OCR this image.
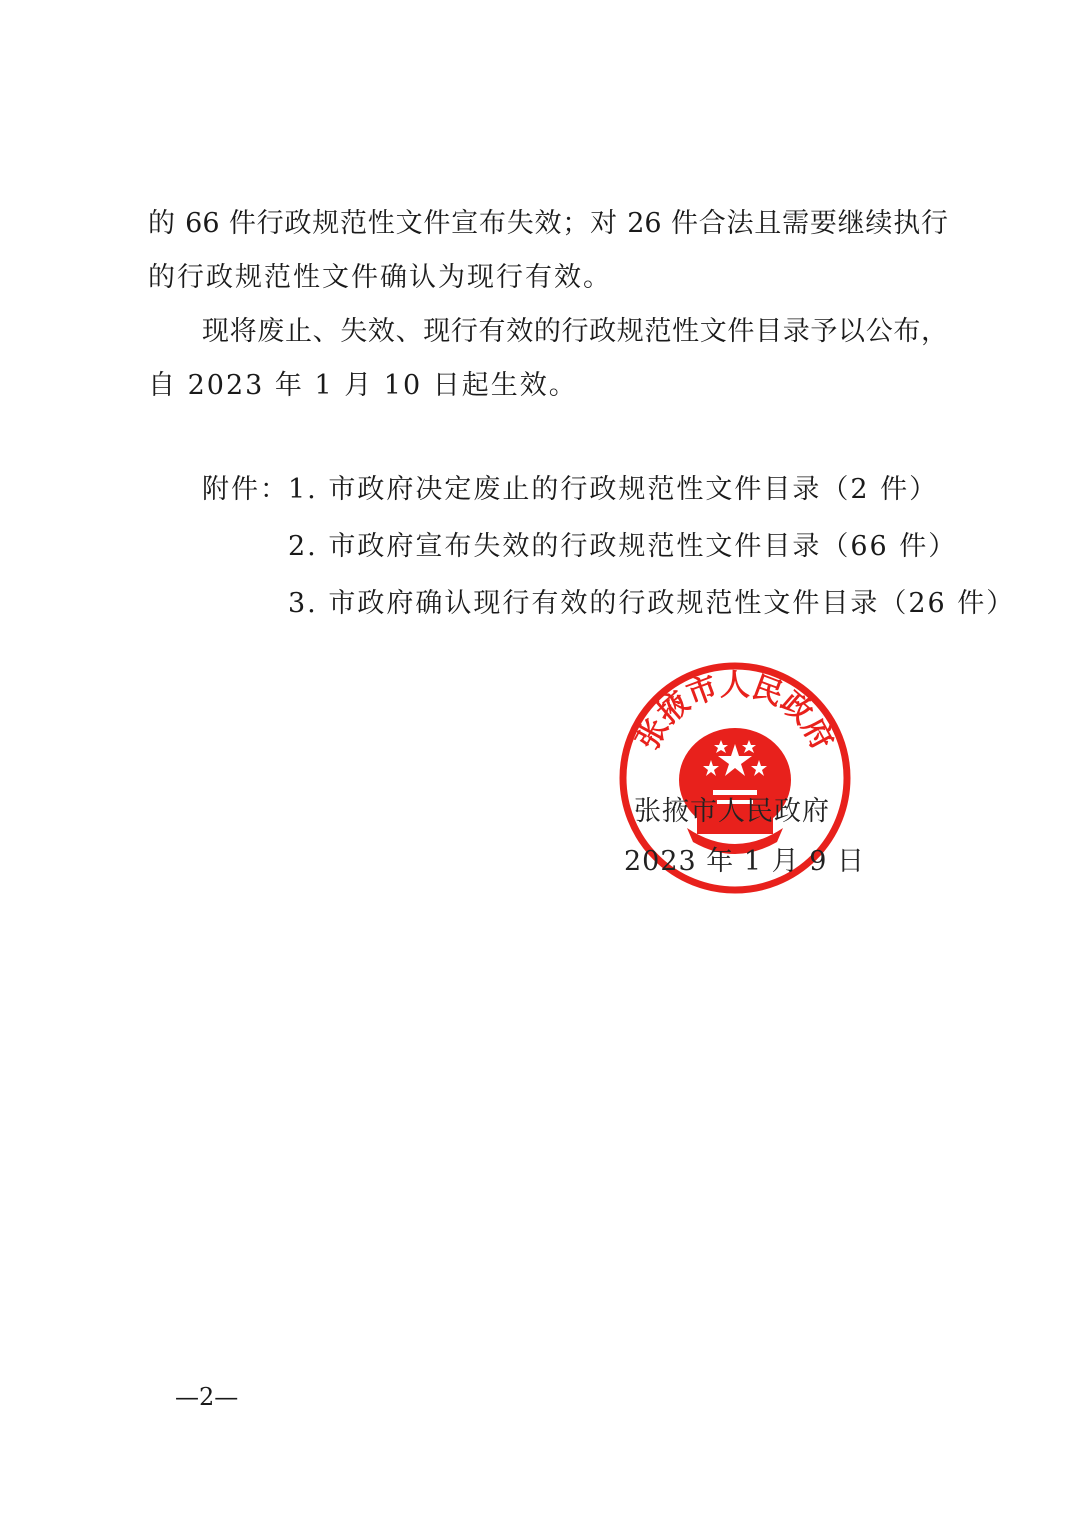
的 66 件行政规范性文件宣布失效；对 26 件合法且需要继续执行
的行政规范性文件确认为现行有效。
现将废止、失效、现行有效的行政规范性文件目录予以公布，
自 2023 年 1 月 10 日起生效。
附件： 1. 市政府决定废止的行政规范性文件目录（2 件）
2. 市政府宣布失效的行政规范性文件目录（66 件）
3. 市政府确认现行有效的行政规范性文件目录（26 件）
张掖市人民政府
张掖市人民政府
2023 年 1 月 9 日
—2—
